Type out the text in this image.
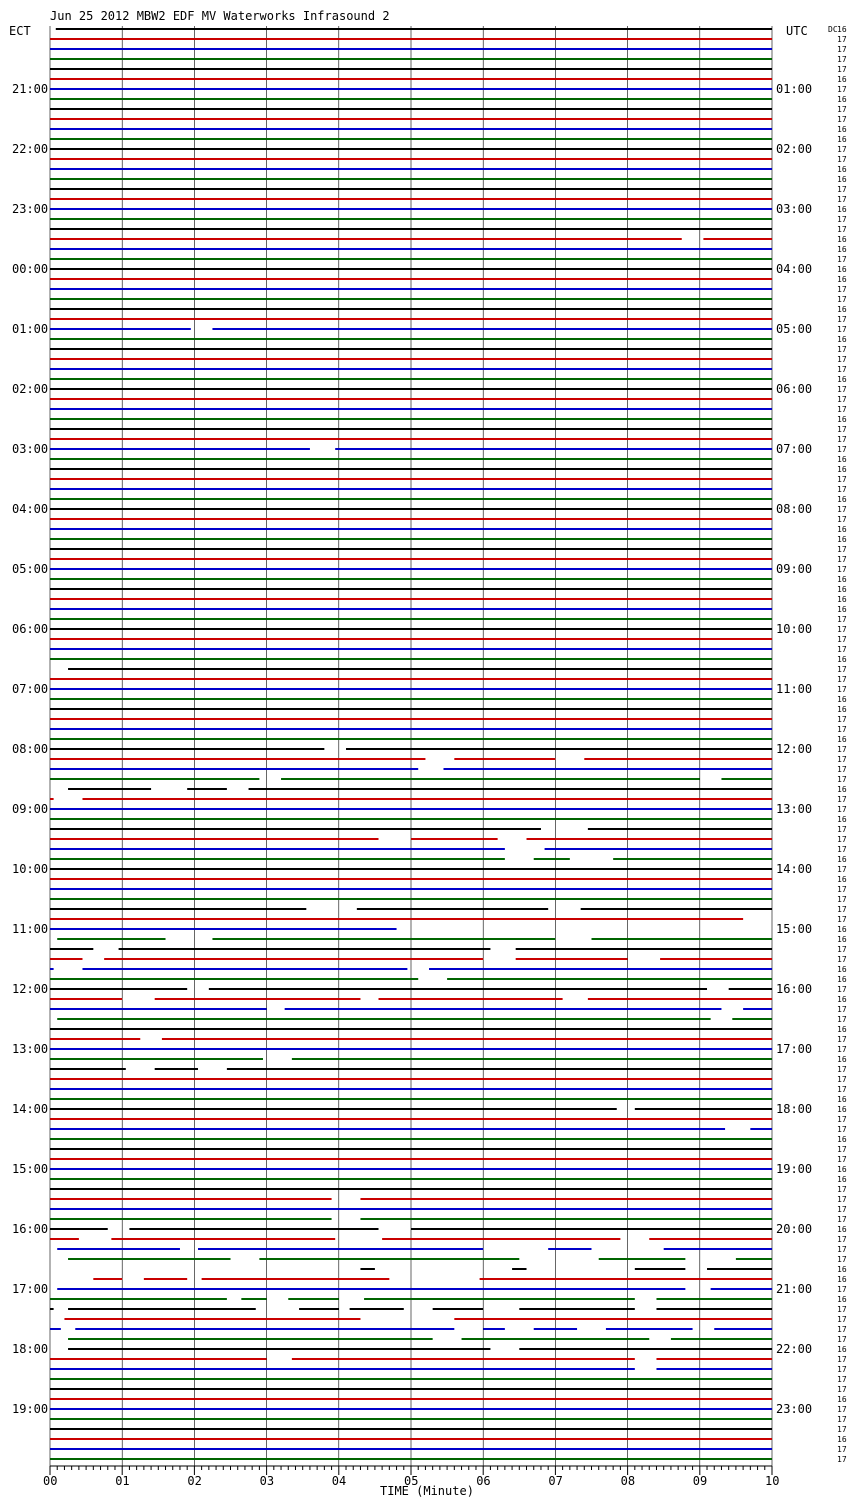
Jun 25 2012 MBW2 EDF MV Waterworks Infrasound 2
ECT	UTC	DC
21:00
22:00
23:00
00:00
01:00
02:00
03:00
04:00
05:00
06:00
07:00
08:00
09:00
10:00
11:00
12:00
13:00
14:00
15:00
16:00
17:00
18:00
19:00
01:00
02:00
03:00
04:00
05:00
06:00
07:00
08:00
09:00
10:00
11:00
12:00
13:00
14:00
15:00
16:00
17:00
18:00
19:00
20:00
21:00
22:00
23:00
16
17
17
17
17
16
17
16
17
17
16
16
17
17
16
16
17
17
16
17
17
16
16
17
16
16
17
17
16
17
17
16
17
17
17
16
17
17
17
16
17
17
17
16
16
17
17
16
17
17
16
16
17
17
17
16
16
16
16
17
17
17
17
16
17
17
17
16
16
17
17
16
17
17
17
17
16
17
17
16
17
17
17
16
17
16
17
17
17
17
16
16
17
17
16
16
17
16
17
17
16
17
17
16
17
17
17
16
16
17
17
16
17
17
16
16
17
17
17
17
16
17
17
17
16
16
17
16
17
17
17
17
16
17
17
17
17
16
17
17
17
16
17
17
00	01	02	03	04	05	06	07	08	09	10
TIME (Minute)
